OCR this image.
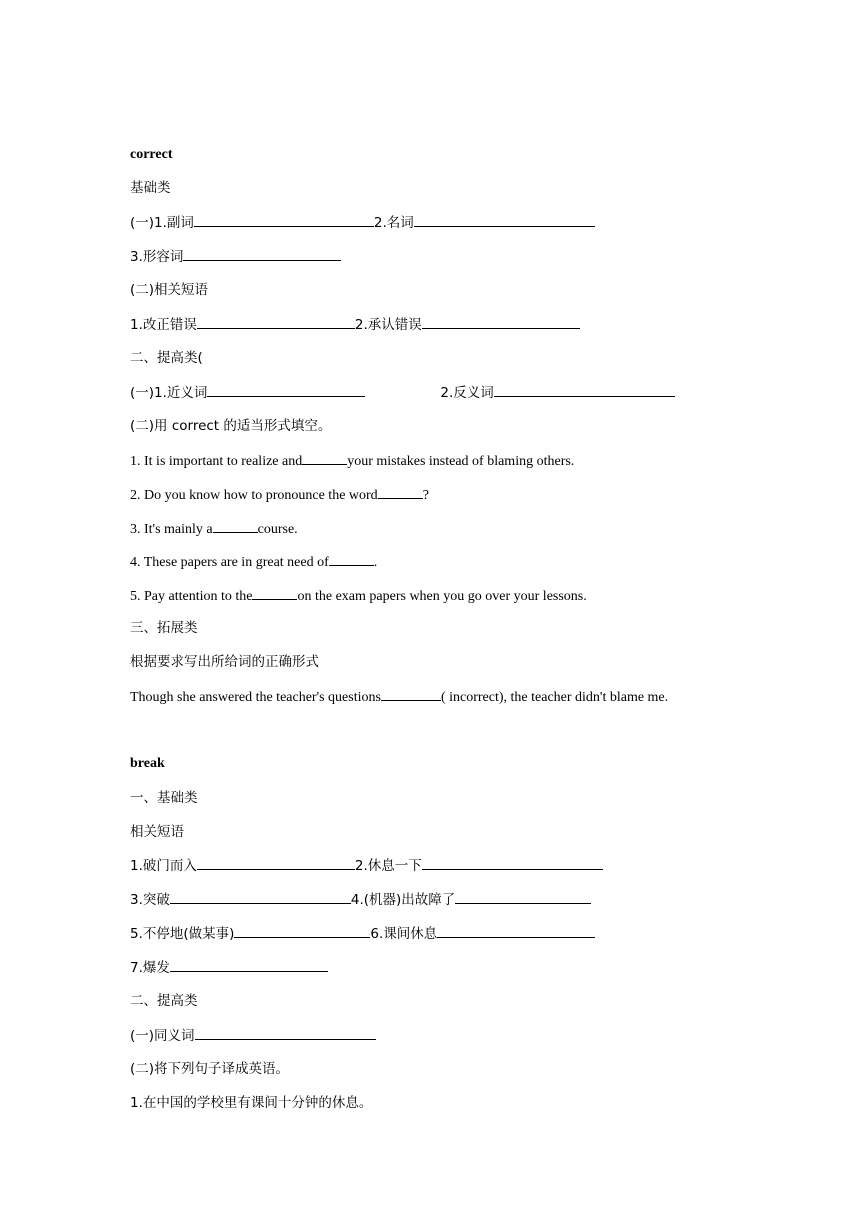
correct
基础类
(一)1.副词	2.名词
3.形容词
(二)相关短语
1.改正错误	2.承认错误
二、提高类(
(一)1.近义词	2.反义词
(二)用 correct 的适当形式填空。
1. It is important to realize and	your mistakes instead of blaming others.
2. Do you know how to pronounce the word	?
3. It's mainly a	course.
4. These papers are in great need of	.
5. Pay attention to the	on the exam papers when you go over your lessons.
三、拓展类
根据要求写出所给词的正确形式
Though she answered the teacher's questions	( incorrect), the teacher didn't blame me.
break
一、基础类
相关短语
1.破门而入	2.休息一下
3.突破	4.(机器)出故障了
5.不停地(做某事)	6.课间休息
7.爆发
二、提高类
(一)同义词
(二)将下列句子译成英语。
1.在中国的学校里有课间十分钟的休息。
